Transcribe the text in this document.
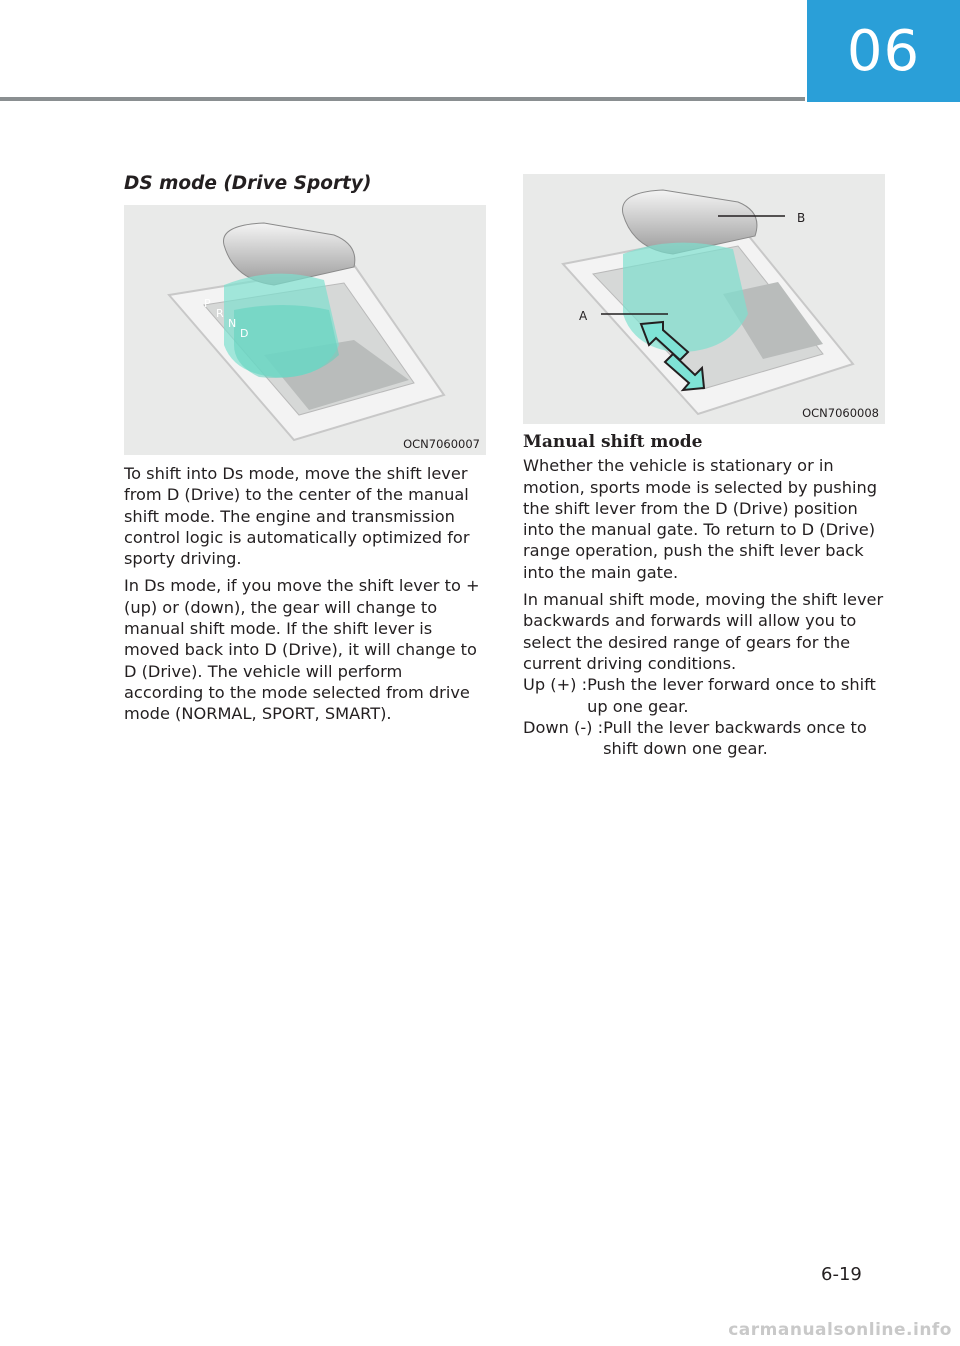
06
DS mode (Drive Sporty)
P
R
N
D
OCN7060007
B
A
OCN7060008

To shift into Ds mode, move the shift lever from D (Drive) to the center of the manual shift mode. The engine and transmission control logic is automatically optimized for sporty driving.

In Ds mode, if you move the shift lever to + (up) or (down), the gear will change to manual shift mode. If the shift lever is moved back into D (Drive), it will change to D (Drive). The vehicle will perform according to the mode selected from drive mode (NORMAL, SPORT, SMART).

Manual shift mode

Whether the vehicle is stationary or in motion, sports mode is selected by pushing the shift lever from the D (Drive) position into the manual gate. To return to D (Drive) range operation, push the shift lever back into the main gate.

In manual shift mode, moving the shift lever backwards and forwards will allow you to select the desired range of gears for the current driving conditions.

Up (+) : Push the lever forward once to shift up one gear.
Down (-) : Pull the lever backwards once to shift down one gear.
6-19
carmanualsonline.info
